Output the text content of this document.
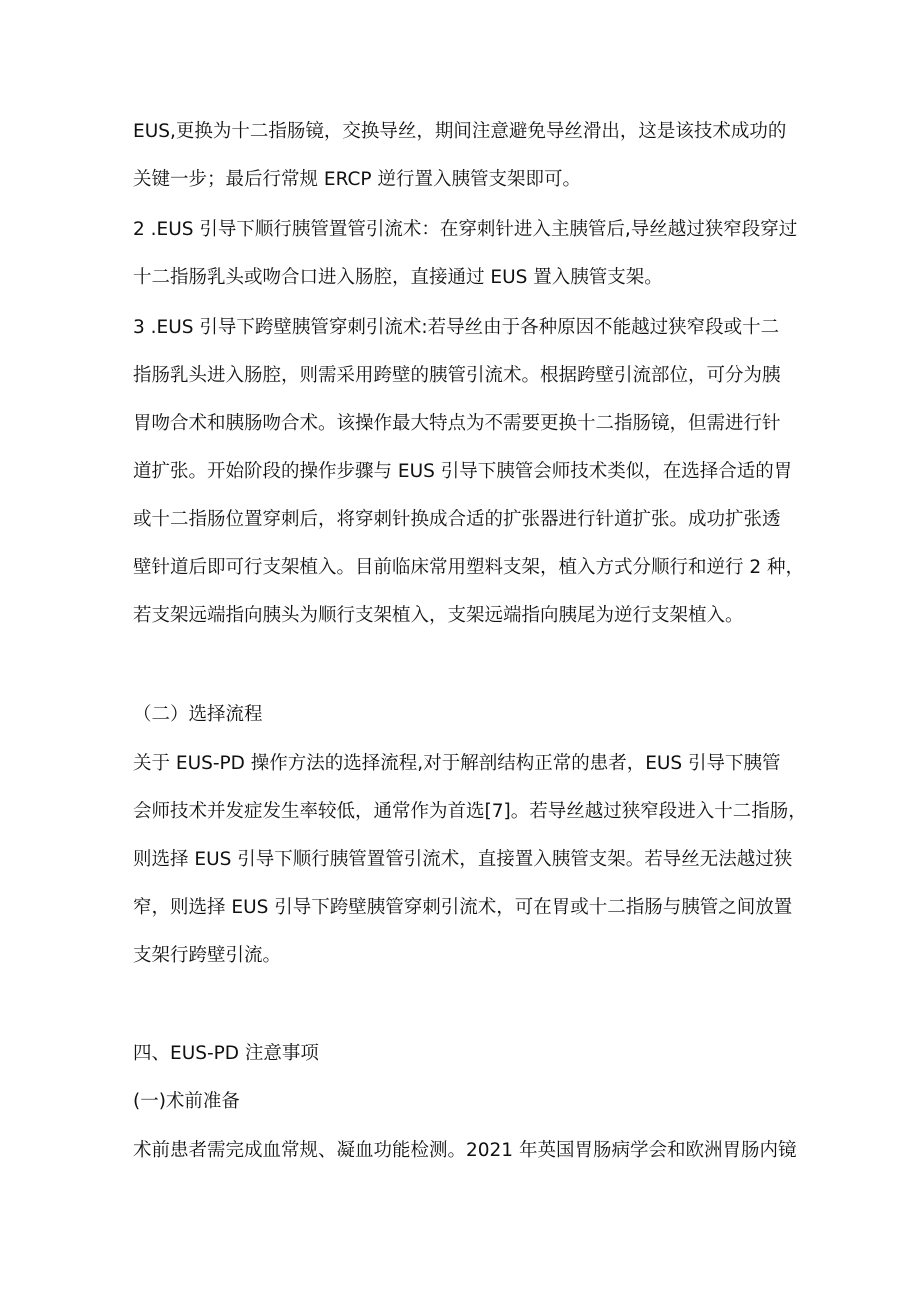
EUS,更换为十二指肠镜，交换导丝，期间注意避免导丝滑出，这是该技术成功的
关键一步；最后行常规 ERCP 逆行置入胰管支架即可。
2 .EUS 引导下顺行胰管置管引流术：在穿刺针进入主胰管后,导丝越过狭窄段穿过
十二指肠乳头或吻合口进入肠腔，直接通过 EUS 置入胰管支架。
3 .EUS 引导下跨壁胰管穿刺引流术:若导丝由于各种原因不能越过狭窄段或十二
指肠乳头进入肠腔，则需采用跨壁的胰管引流术。根据跨壁引流部位，可分为胰
胃吻合术和胰肠吻合术。该操作最大特点为不需要更换十二指肠镜，但需进行针
道扩张。开始阶段的操作步骤与 EUS 引导下胰管会师技术类似，在选择合适的胃
或十二指肠位置穿刺后，将穿刺针换成合适的扩张器进行针道扩张。成功扩张透
壁针道后即可行支架植入。目前临床常用塑料支架，植入方式分顺行和逆行 2 种，
若支架远端指向胰头为顺行支架植入，支架远端指向胰尾为逆行支架植入。
（二）选择流程
关于 EUS-PD 操作方法的选择流程,对于解剖结构正常的患者，EUS 引导下胰管
会师技术并发症发生率较低，通常作为首选[7]。若导丝越过狭窄段进入十二指肠，
则选择 EUS 引导下顺行胰管置管引流术，直接置入胰管支架。若导丝无法越过狭
窄，则选择 EUS 引导下跨壁胰管穿刺引流术，可在胃或十二指肠与胰管之间放置
支架行跨壁引流。
四、EUS-PD 注意事项
(一)术前准备
术前患者需完成血常规、凝血功能检测。2021 年英国胃肠病学会和欧洲胃肠内镜
